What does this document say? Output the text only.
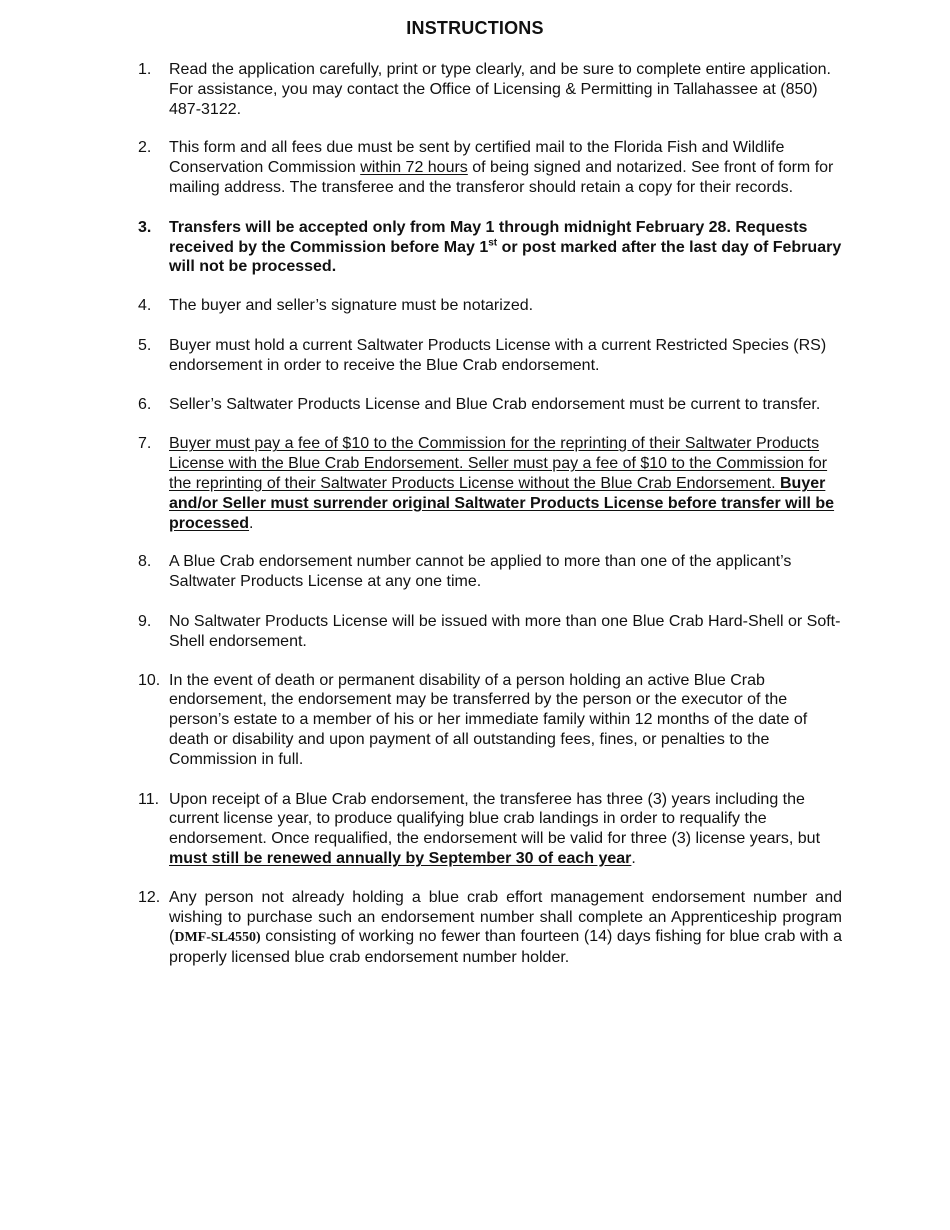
INSTRUCTIONS
1. Read the application carefully, print or type clearly, and be sure to complete entire application. For assistance, you may contact the Office of Licensing & Permitting in Tallahassee at (850) 487-3122.
2. This form and all fees due must be sent by certified mail to the Florida Fish and Wildlife Conservation Commission within 72 hours of being signed and notarized. See front of form for mailing address. The transferee and the transferor should retain a copy for their records.
3. Transfers will be accepted only from May 1 through midnight February 28. Requests received by the Commission before May 1st or post marked after the last day of February will not be processed.
4. The buyer and seller’s signature must be notarized.
5. Buyer must hold a current Saltwater Products License with a current Restricted Species (RS) endorsement in order to receive the Blue Crab endorsement.
6. Seller’s Saltwater Products License and Blue Crab endorsement must be current to transfer.
7. Buyer must pay a fee of $10 to the Commission for the reprinting of their Saltwater Products License with the Blue Crab Endorsement. Seller must pay a fee of $10 to the Commission for the reprinting of their Saltwater Products License without the Blue Crab Endorsement. Buyer and/or Seller must surrender original Saltwater Products License before transfer will be processed.
8. A Blue Crab endorsement number cannot be applied to more than one of the applicant’s Saltwater Products License at any one time.
9. No Saltwater Products License will be issued with more than one Blue Crab Hard-Shell or Soft-Shell endorsement.
10. In the event of death or permanent disability of a person holding an active Blue Crab endorsement, the endorsement may be transferred by the person or the executor of the person’s estate to a member of his or her immediate family within 12 months of the date of death or disability and upon payment of all outstanding fees, fines, or penalties to the Commission in full.
11. Upon receipt of a Blue Crab endorsement, the transferee has three (3) years including the current license year, to produce qualifying blue crab landings in order to requalify the endorsement. Once requalified, the endorsement will be valid for three (3) license years, but must still be renewed annually by September 30 of each year.
12. Any person not already holding a blue crab effort management endorsement number and wishing to purchase such an endorsement number shall complete an Apprenticeship program (DMF-SL4550) consisting of working no fewer than fourteen (14) days fishing for blue crab with a properly licensed blue crab endorsement number holder.
